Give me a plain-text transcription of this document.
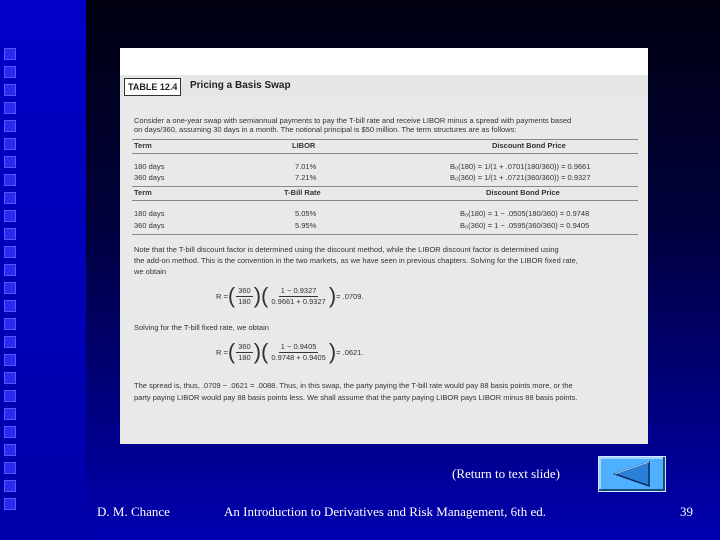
TABLE 12.4	Pricing a Basis Swap
Consider a one-year swap with semiannual payments to pay the T-bill rate and receive LIBOR minus a spread with payments based
on days/360, assuming 30 days in a month. The notional principal is $50 million. The term structures are as follows:
Term	LIBOR	Discount Bond Price
180 days	7.01%	B₀(180) = 1/(1 + .0701(180/360)) = 0.9661
360 days	7.21%	B₀(360) = 1/(1 + .0721(360/360)) = 0.9327
Term	T-Bill Rate	Discount Bond Price
180 days	5.05%	B₀(180) = 1 − .0505(180/360) = 0.9748
360 days	5.95%	B₀(360) = 1 − .0595(360/360) = 0.9405
Note that the T-bill discount factor is determined using the discount method, while the LIBOR discount factor is determined using
the add-on method. This is the convention in the two markets, as we have seen in previous chapters. Solving for the LIBOR fixed rate,
we obtain
R = ( $\frac{360}{180}$ )( $\frac{1 - 0.9327}{0.9661 + 0.9327}$ ) = .0709.
Solving for the T-bill fixed rate, we obtain
R = ( $\frac{360}{180}$ )( $\frac{1 - 0.9405}{0.9748 + 0.9405}$ ) = .0621.
The spread is, thus, .0709 − .0621 = .0088. Thus, in this swap, the party paying the T-bill rate would pay 88 basis points more, or the
party paying LIBOR would pay 88 basis points less. We shall assume that the party paying LIBOR pays LIBOR minus 88 basis points.
(Return to text slide)
D. M. Chance	An Introduction to Derivatives and Risk Management, 6th ed.	39
